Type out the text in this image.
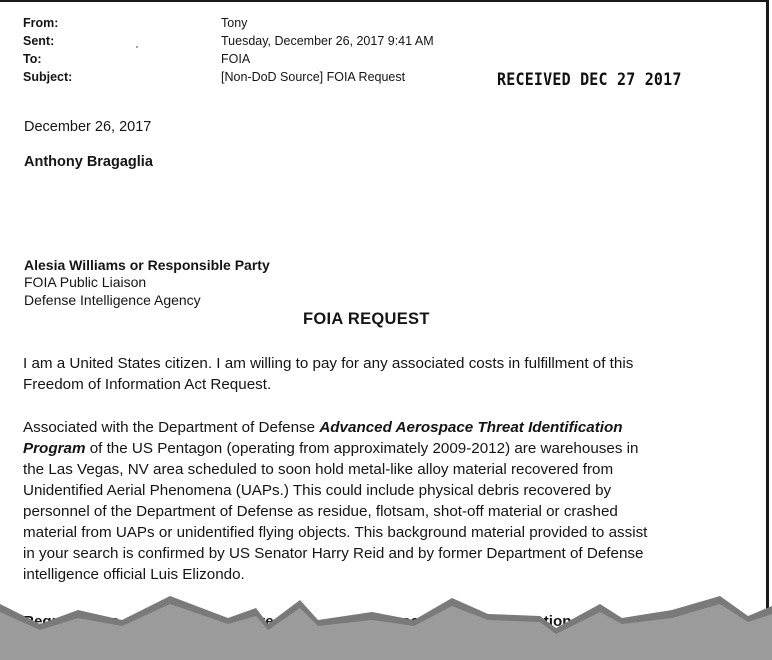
From:	Tony
Sent:	Tuesday, December 26, 2017 9:41 AM
To:	FOIA
Subject:	[Non-DoD Source] FOIA Request	RECEIVED DEC 27 2017
December 26, 2017
Anthony Bragaglia
Alesia Williams or Responsible Party
FOIA Public Liaison
Defense Intelligence Agency
FOIA REQUEST
I am a United States citizen. I am willing to pay for any associated costs in fulfillment of this
Freedom of Information Act Request.
Associated with the Department of Defense Advanced Aerospace Threat Identification
Program of the US Pentagon (operating from approximately 2009-2012) are warehouses in
the Las Vegas, NV area scheduled to soon hold metal-like alloy material recovered from
Unidentified Aerial Phenomena (UAPs.) This could include physical debris recovered by
personnel of the Department of Defense as residue, flotsam, shot-off material or crashed
material from UAPs or unidentified flying objects. This background material provided to assist
in your search is confirmed by US Senator Harry Reid and by former Department of Defense
intelligence official Luis Elizondo.
